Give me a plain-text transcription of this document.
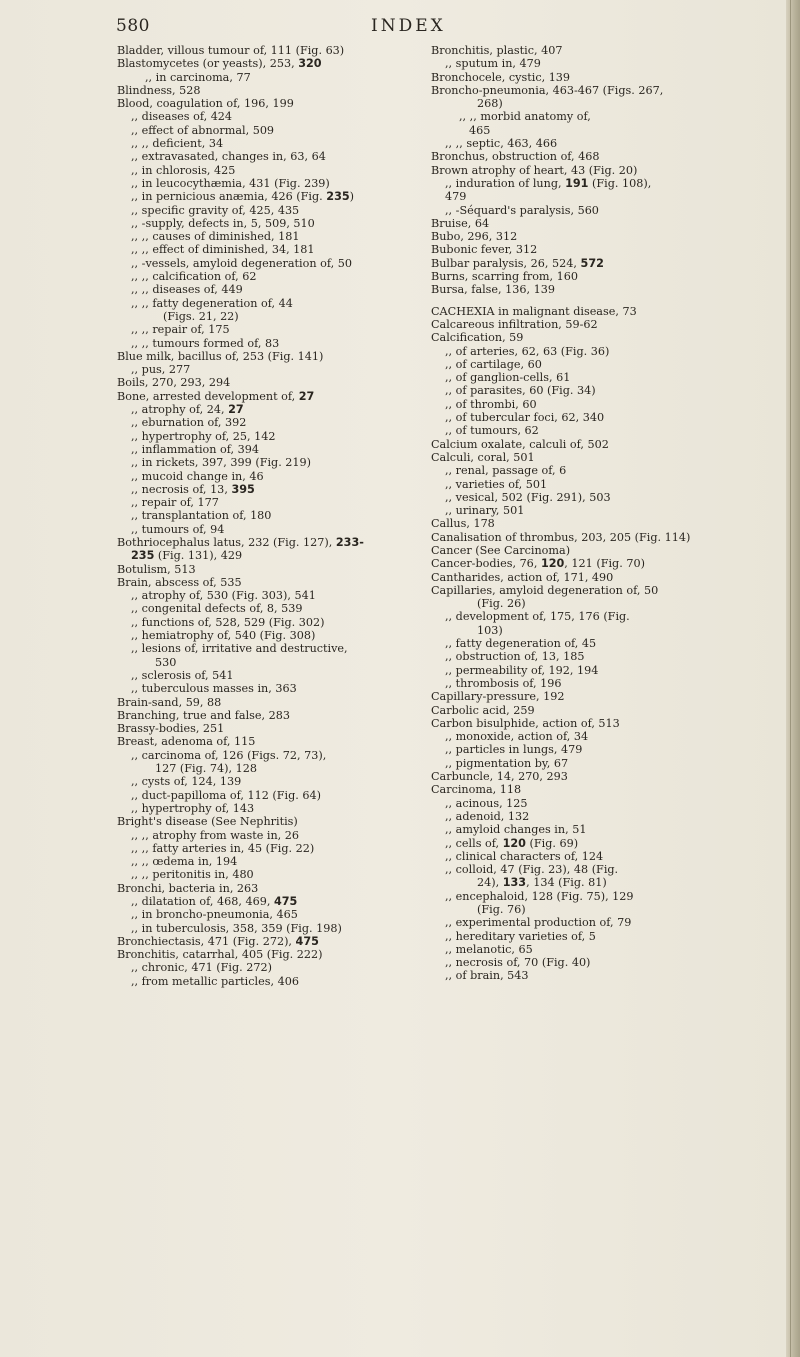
580	INDEX
Bladder, villous tumour of, 111 (Fig. 63)
Blastomycetes (or yeasts), 253, 320
,, in carcinoma, 77
Blindness, 528
Blood, coagulation of, 196, 199
,, diseases of, 424
,, effect of abnormal, 509
,, ,, deficient, 34
,, extravasated, changes in, 63, 64
,, in chlorosis, 425
,, in leucocythæmia, 431 (Fig. 239)
,, in pernicious anæmia, 426 (Fig. 235)
,, specific gravity of, 425, 435
,, -supply, defects in, 5, 509, 510
,, ,, causes of diminished, 181
,, ,, effect of diminished, 34, 181
,, -vessels, amyloid degeneration of, 50
,, ,, calcification of, 62
,, ,, diseases of, 449
,, ,, fatty degeneration of, 44
(Figs. 21, 22)
,, ,, repair of, 175
,, ,, tumours formed of, 83
Blue milk, bacillus of, 253 (Fig. 141)
,, pus, 277
Boils, 270, 293, 294
Bone, arrested development of, 27
,, atrophy of, 24, 27
,, eburnation of, 392
,, hypertrophy of, 25, 142
,, inflammation of, 394
,, in rickets, 397, 399 (Fig. 219)
,, mucoid change in, 46
,, necrosis of, 13, 395
,, repair of, 177
,, transplantation of, 180
,, tumours of, 94
Bothriocephalus latus, 232 (Fig. 127), 233-
235 (Fig. 131), 429
Botulism, 513
Brain, abscess of, 535
,, atrophy of, 530 (Fig. 303), 541
,, congenital defects of, 8, 539
,, functions of, 528, 529 (Fig. 302)
,, hemiatrophy of, 540 (Fig. 308)
,, lesions of, irritative and destructive,
530
,, sclerosis of, 541
,, tuberculous masses in, 363
Brain-sand, 59, 88
Branching, true and false, 283
Brassy-bodies, 251
Breast, adenoma of, 115
,, carcinoma of, 126 (Figs. 72, 73),
127 (Fig. 74), 128
,, cysts of, 124, 139
,, duct-papilloma of, 112 (Fig. 64)
,, hypertrophy of, 143
Bright's disease (See Nephritis)
,, ,, atrophy from waste in, 26
,, ,, fatty arteries in, 45 (Fig. 22)
,, ,, œdema in, 194
,, ,, peritonitis in, 480
Bronchi, bacteria in, 263
,, dilatation of, 468, 469, 475
,, in broncho-pneumonia, 465
,, in tuberculosis, 358, 359 (Fig. 198)
Bronchiectasis, 471 (Fig. 272), 475
Bronchitis, catarrhal, 405 (Fig. 222)
,, chronic, 471 (Fig. 272)
,, from metallic particles, 406
Bronchitis, plastic, 407
,, sputum in, 479
Bronchocele, cystic, 139
Broncho-pneumonia, 463-467 (Figs. 267,
268)
,, ,, morbid anatomy of,
465
,, ,, septic, 463, 466
Bronchus, obstruction of, 468
Brown atrophy of heart, 43 (Fig. 20)
,, induration of lung, 191 (Fig. 108),
479
,, -Séquard's paralysis, 560
Bruise, 64
Bubo, 296, 312
Bubonic fever, 312
Bulbar paralysis, 26, 524, 572
Burns, scarring from, 160
Bursa, false, 136, 139
CACHEXIA in malignant disease, 73
Calcareous infiltration, 59-62
Calcification, 59
,, of arteries, 62, 63 (Fig. 36)
,, of cartilage, 60
,, of ganglion-cells, 61
,, of parasites, 60 (Fig. 34)
,, of thrombi, 60
,, of tubercular foci, 62, 340
,, of tumours, 62
Calcium oxalate, calculi of, 502
Calculi, coral, 501
,, renal, passage of, 6
,, varieties of, 501
,, vesical, 502 (Fig. 291), 503
,, urinary, 501
Callus, 178
Canalisation of thrombus, 203, 205 (Fig. 114)
Cancer (See Carcinoma)
Cancer-bodies, 76, 120, 121 (Fig. 70)
Cantharides, action of, 171, 490
Capillaries, amyloid degeneration of, 50
(Fig. 26)
,, development of, 175, 176 (Fig.
103)
,, fatty degeneration of, 45
,, obstruction of, 13, 185
,, permeability of, 192, 194
,, thrombosis of, 196
Capillary-pressure, 192
Carbolic acid, 259
Carbon bisulphide, action of, 513
,, monoxide, action of, 34
,, particles in lungs, 479
,, pigmentation by, 67
Carbuncle, 14, 270, 293
Carcinoma, 118
,, acinous, 125
,, adenoid, 132
,, amyloid changes in, 51
,, cells of, 120 (Fig. 69)
,, clinical characters of, 124
,, colloid, 47 (Fig. 23), 48 (Fig.
24), 133, 134 (Fig. 81)
,, encephaloid, 128 (Fig. 75), 129
(Fig. 76)
,, experimental production of, 79
,, hereditary varieties of, 5
,, melanotic, 65
,, necrosis of, 70 (Fig. 40)
,, of brain, 543
